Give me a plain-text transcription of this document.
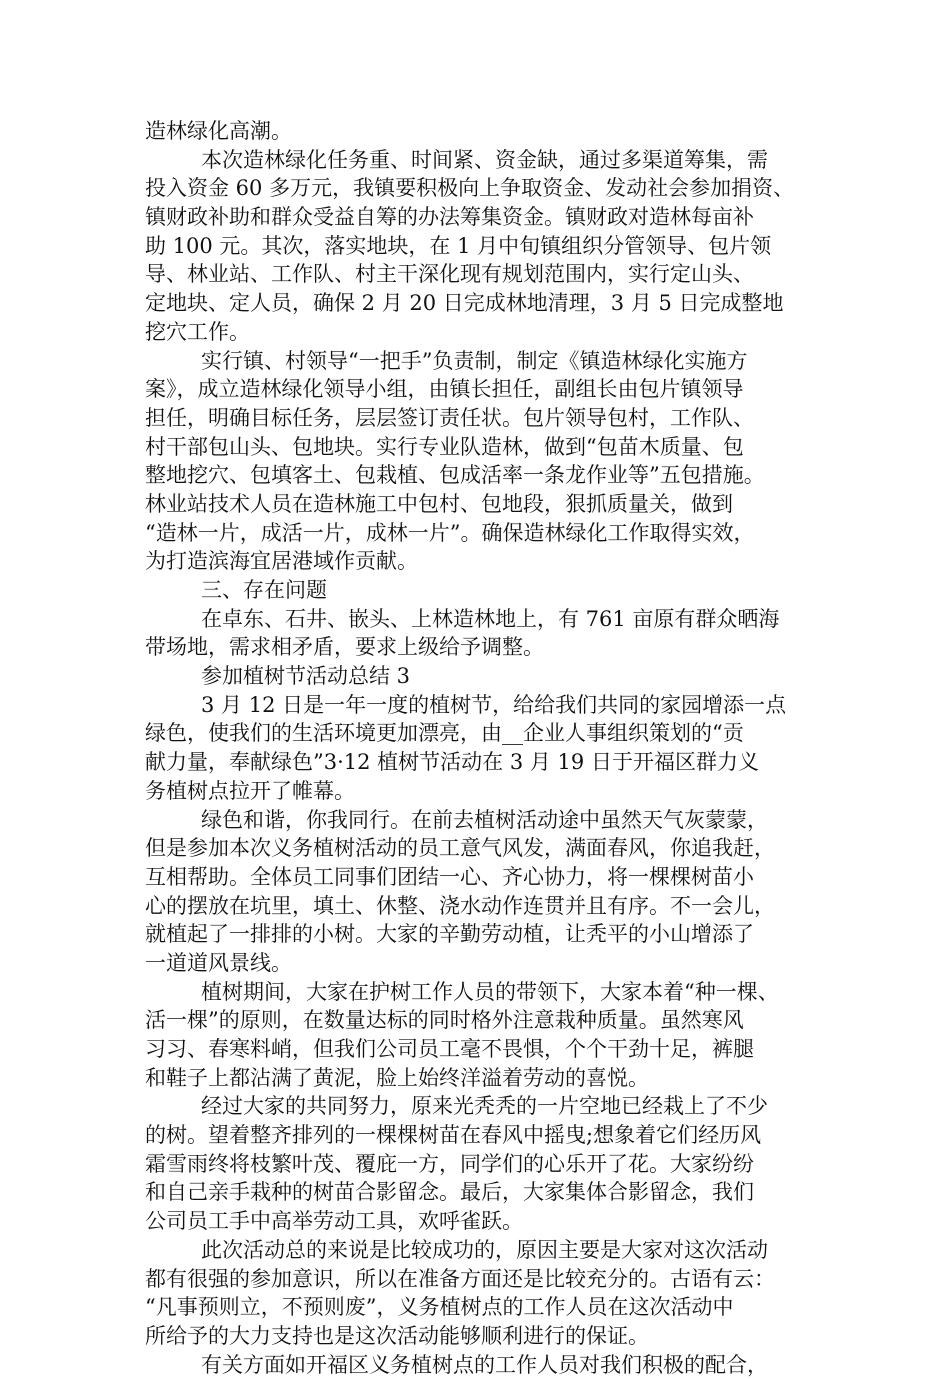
造林绿化高潮。
本次造林绿化任务重、时间紧、资金缺，通过多渠道筹集，需
投入资金 60 多万元，我镇要积极向上争取资金、发动社会参加捐资、
镇财政补助和群众受益自筹的办法筹集资金。镇财政对造林每亩补
助 100 元。其次，落实地块，在 1 月中旬镇组织分管领导、包片领
导、林业站、工作队、村主干深化现有规划范围内，实行定山头、
定地块、定人员，确保 2 月 20 日完成林地清理，3 月 5 日完成整地
挖穴工作。
实行镇、村领导“一把手”负责制，制定《镇造林绿化实施方
案》，成立造林绿化领导小组，由镇长担任，副组长由包片镇领导
担任，明确目标任务，层层签订责任状。包片领导包村，工作队、
村干部包山头、包地块。实行专业队造林，做到“包苗木质量、包
整地挖穴、包填客土、包栽植、包成活率一条龙作业等”五包措施。
林业站技术人员在造林施工中包村、包地段，狠抓质量关，做到
“造林一片，成活一片，成林一片”。确保造林绿化工作取得实效，
为打造滨海宜居港域作贡献。
三、存在问题
在卓东、石井、嵌头、上林造林地上，有 761 亩原有群众晒海
带场地，需求相矛盾，要求上级给予调整。
参加植树节活动总结 3
3 月 12 日是一年一度的植树节，给给我们共同的家园增添一点
绿色，使我们的生活环境更加漂亮，由__企业人事组织策划的“贡
献力量，奉献绿色”3·12 植树节活动在 3 月 19 日于开福区群力义
务植树点拉开了帷幕。
绿色和谐，你我同行。在前去植树活动途中虽然天气灰蒙蒙，
但是参加本次义务植树活动的员工意气风发，满面春风，你追我赶，
互相帮助。全体员工同事们团结一心、齐心协力，将一棵棵树苗小
心的摆放在坑里，填土、休整、浇水动作连贯并且有序。不一会儿，
就植起了一排排的小树。大家的辛勤劳动植，让秃平的小山增添了
一道道风景线。
植树期间，大家在护树工作人员的带领下，大家本着“种一棵、
活一棵”的原则，在数量达标的同时格外注意栽种质量。虽然寒风
习习、春寒料峭，但我们公司员工毫不畏惧，个个干劲十足，裤腿
和鞋子上都沾满了黄泥，脸上始终洋溢着劳动的喜悦。
经过大家的共同努力，原来光秃秃的一片空地已经栽上了不少
的树。望着整齐排列的一棵棵树苗在春风中摇曳;想象着它们经历风
霜雪雨终将枝繁叶茂、覆庇一方，同学们的心乐开了花。大家纷纷
和自己亲手栽种的树苗合影留念。最后，大家集体合影留念，我们
公司员工手中高举劳动工具，欢呼雀跃。
此次活动总的来说是比较成功的，原因主要是大家对这次活动
都有很强的参加意识，所以在准备方面还是比较充分的。古语有云：
“凡事预则立，不预则废”，义务植树点的工作人员在这次活动中
所给予的大力支持也是这次活动能够顺利进行的保证。
有关方面如开福区义务植树点的工作人员对我们积极的配合，
